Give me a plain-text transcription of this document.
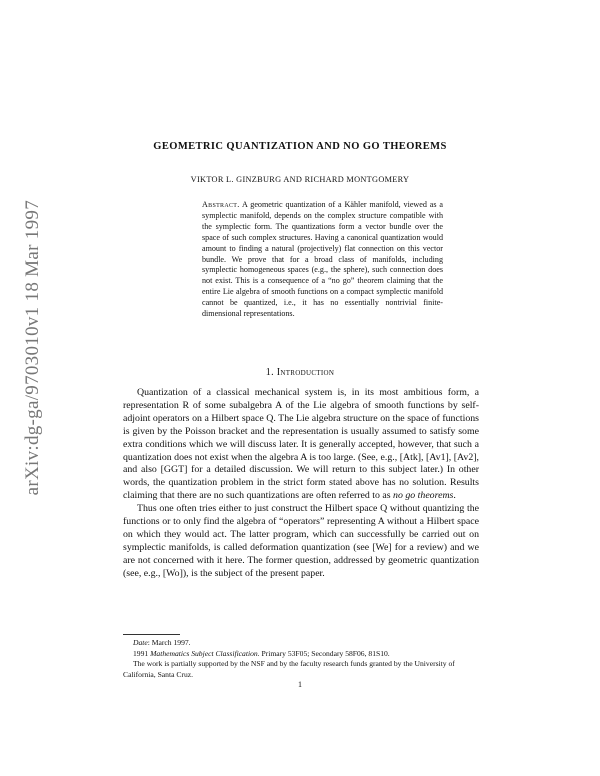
arXiv:dg-ga/9703010v1 18 Mar 1997
GEOMETRIC QUANTIZATION AND NO GO THEOREMS
VIKTOR L. GINZBURG AND RICHARD MONTGOMERY
Abstract. A geometric quantization of a Kähler manifold, viewed as a symplectic manifold, depends on the complex structure compatible with the symplectic form. The quantizations form a vector bundle over the space of such complex structures. Having a canonical quantization would amount to finding a natural (projectively) flat connection on this vector bundle. We prove that for a broad class of manifolds, including symplectic homogeneous spaces (e.g., the sphere), such connection does not exist. This is a consequence of a “no go” theorem claiming that the entire Lie algebra of smooth functions on a compact symplectic manifold cannot be quantized, i.e., it has no essentially nontrivial finite-dimensional representations.
1. Introduction

Quantization of a classical mechanical system is, in its most ambitious form, a representation R of some subalgebra A of the Lie algebra of smooth functions by self-adjoint operators on a Hilbert space Q. The Lie algebra structure on the space of functions is given by the Poisson bracket and the representation is usually assumed to satisfy some extra conditions which we will discuss later. It is generally accepted, however, that such a quantization does not exist when the algebra A is too large. (See, e.g., [Atk], [Av1], [Av2], and also [GGT] for a detailed discussion. We will return to this subject later.) In other words, the quantization problem in the strict form stated above has no solution. Results claiming that there are no such quantizations are often referred to as no go theorems.

Thus one often tries either to just construct the Hilbert space Q without quantizing the functions or to only find the algebra of “operators” representing A without a Hilbert space on which they would act. The latter program, which can successfully be carried out on symplectic manifolds, is called deformation quantization (see [We] for a review) and we are not concerned with it here. The former question, addressed by geometric quantization (see, e.g., [Wo]), is the subject of the present paper.

Date: March 1997.

1991 Mathematics Subject Classification. Primary 53F05; Secondary 58F06, 81S10.

The work is partially supported by the NSF and by the faculty research funds granted by the University of California, Santa Cruz.

1
